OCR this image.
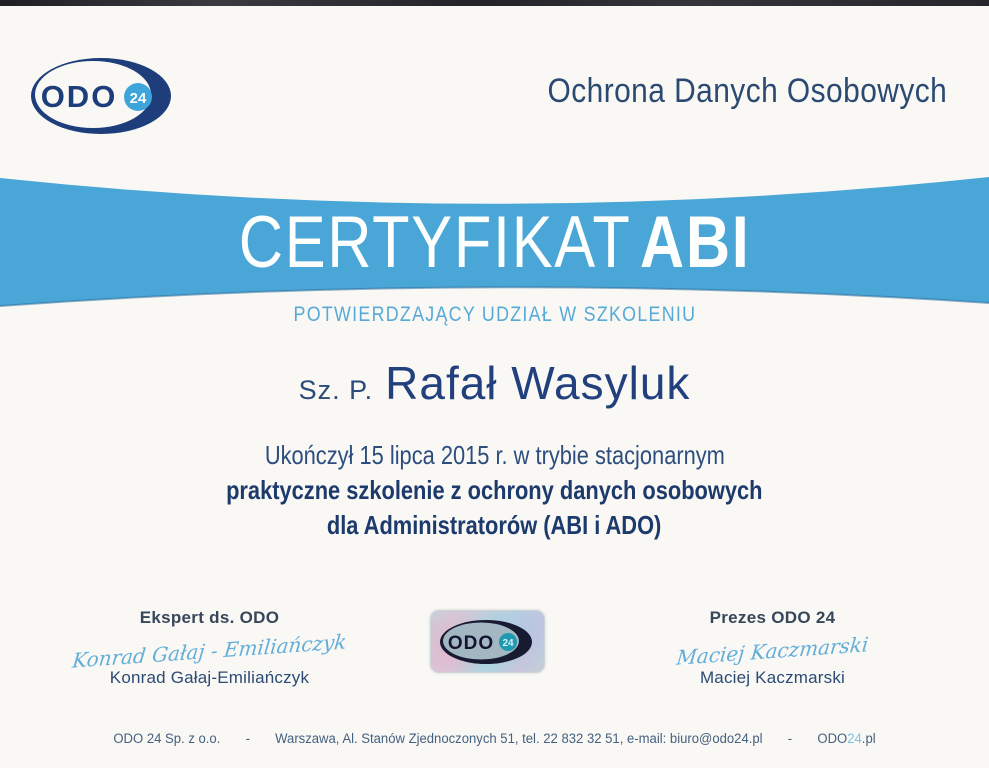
ODO 24	Ochrona Danych Osobowych
CERTYFIKAT ABI
POTWIERDZAJĄCY UDZIAŁ W SZKOLENIU
Sz. P. Rafał Wasyluk
Ukończył 15 lipca 2015 r. w trybie stacjonarnym
praktyczne szkolenie z ochrony danych osobowych
dla Administratorów (ABI i ADO)
Ekspert ds. ODO
Konrad Gałaj - Emiliańczyk
Konrad Gałaj-Emiliańczyk
ODO 24
Prezes ODO 24
Maciej Kaczmarski
Maciej Kaczmarski
ODO 24 Sp. z o.o. - Warszawa, Al. Stanów Zjednoczonych 51, tel. 22 832 32 51, e-mail: biuro@odo24.pl - ODO24.pl
